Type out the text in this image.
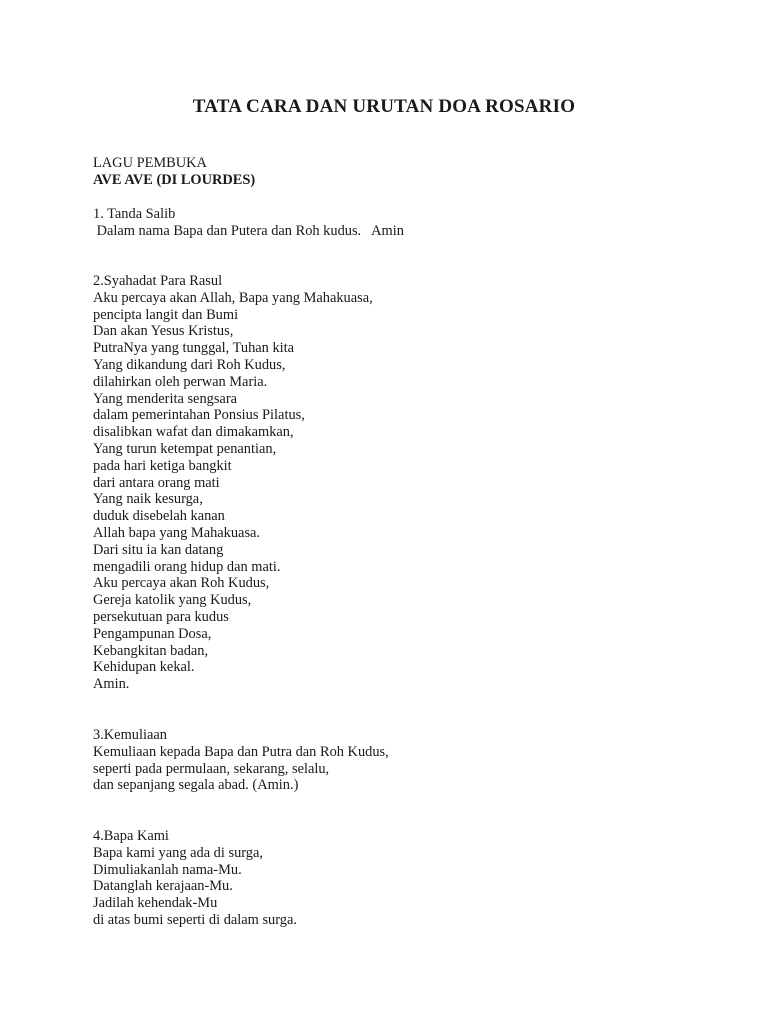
TATA CARA DAN URUTAN DOA ROSARIO
LAGU PEMBUKA
AVE AVE (DI LOURDES)
1. Tanda Salib
Dalam nama Bapa dan Putera dan Roh kudus.   Amin
2.Syahadat Para Rasul
Aku percaya akan Allah, Bapa yang Mahakuasa,
pencipta langit dan Bumi
Dan akan Yesus Kristus,
PutraNya yang tunggal, Tuhan kita
Yang dikandung dari Roh Kudus,
dilahirkan oleh perwan Maria.
Yang menderita sengsara
dalam pemerintahan Ponsius Pilatus,
disalibkan wafat dan dimakamkan,
Yang turun ketempat penantian,
pada hari ketiga bangkit
dari antara orang mati
Yang naik kesurga,
duduk disebelah kanan
Allah bapa yang Mahakuasa.
Dari situ ia kan datang
mengadili orang hidup dan mati.
Aku percaya akan Roh Kudus,
Gereja katolik yang Kudus,
persekutuan para kudus
Pengampunan Dosa,
Kebangkitan badan,
Kehidupan kekal.
Amin.
3.Kemuliaan
Kemuliaan kepada Bapa dan Putra dan Roh Kudus,
seperti pada permulaan, sekarang, selalu,
dan sepanjang segala abad. (Amin.)
4.Bapa Kami
Bapa kami yang ada di surga,
Dimuliakanlah nama-Mu.
Datanglah kerajaan-Mu.
Jadilah kehendak-Mu
di atas bumi seperti di dalam surga.
